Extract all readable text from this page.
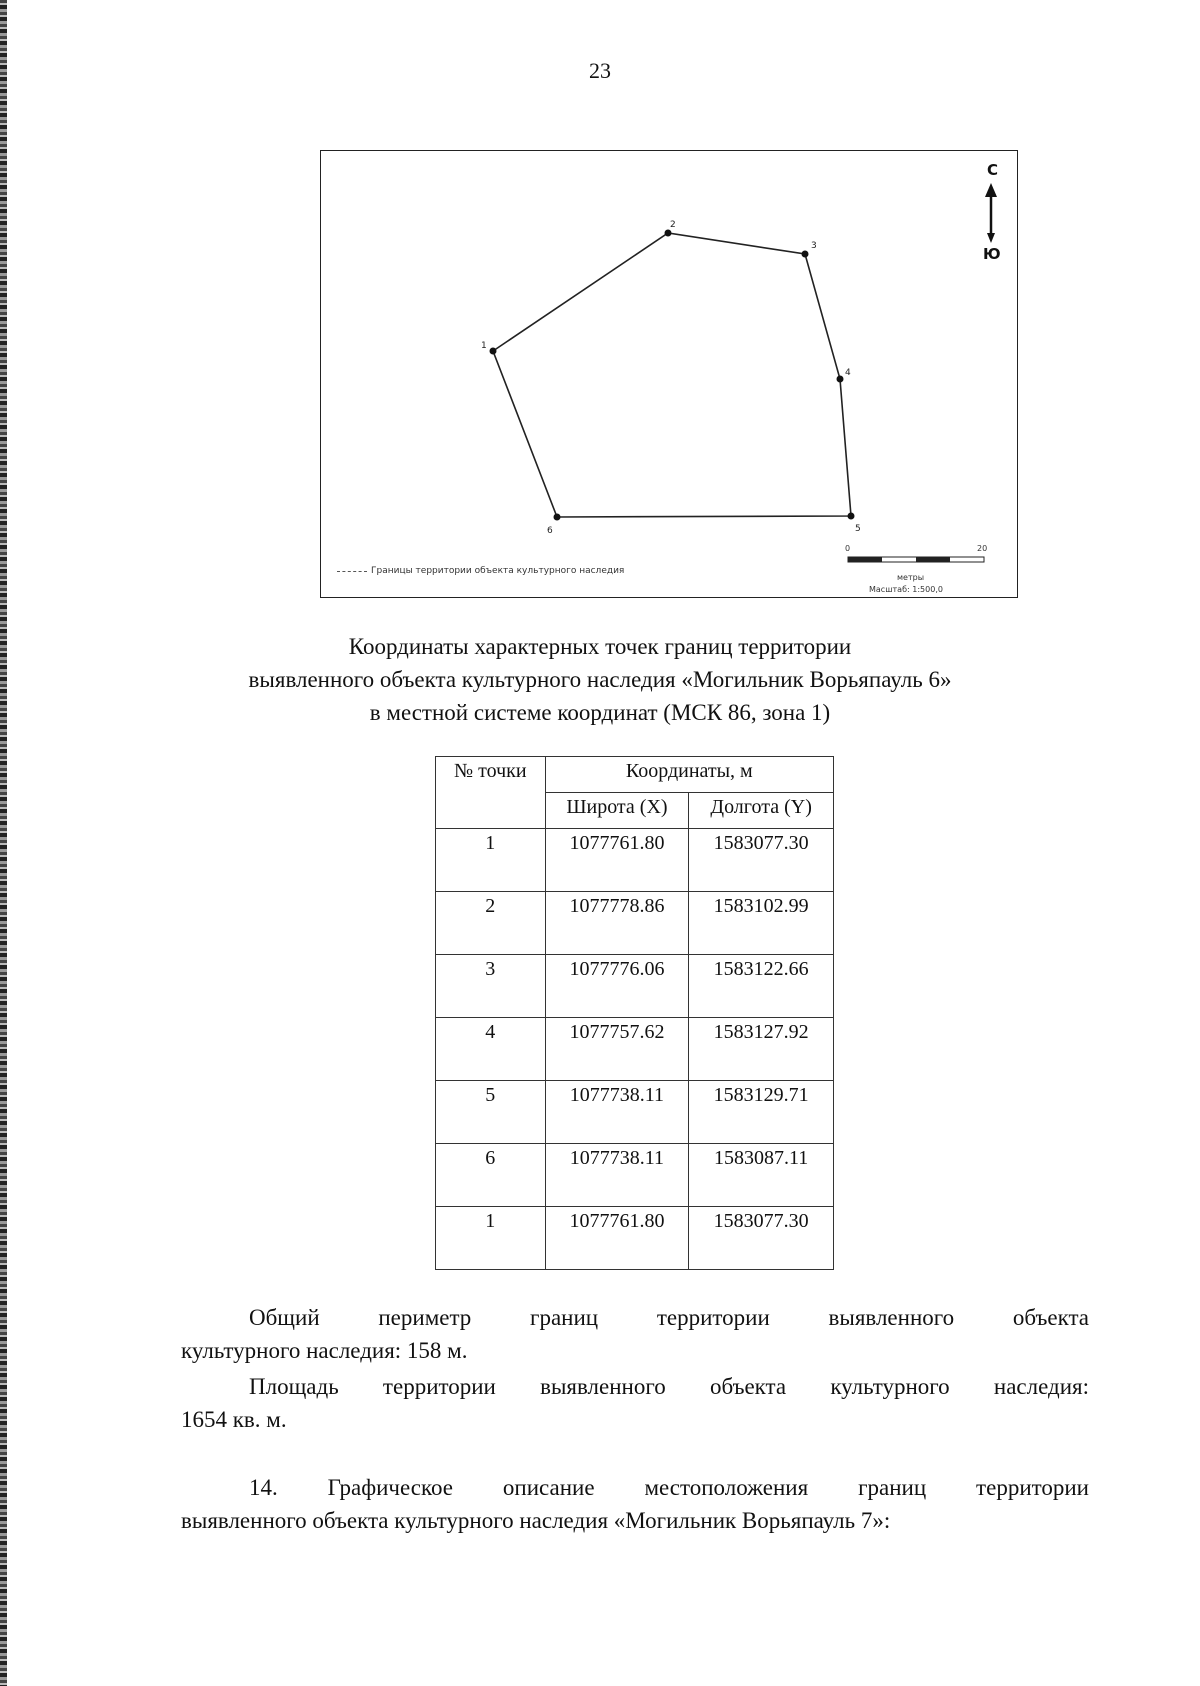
23
1
2
3
4
5
6
С
Ю
Границы территории объекта культурного наследия
0	20
метры
Масштаб: 1:500,0
Координаты характерных точек границ территории
выявленного объекта культурного наследия «Могильник Ворьяпауль 6»
в местной системе координат (МСК 86, зона 1)
№ точки	Координаты, м	
	Широта (X)	Долгота (Y)
1	1077761.80	1583077.30
2	1077778.86	1583102.99
3	1077776.06	1583122.66
4	1077757.62	1583127.92
5	1077738.11	1583129.71
6	1077738.11	1583087.11
1	1077761.80	1583077.30
Общий периметр границ территории выявленного объекта
культурного наследия: 158 м.
Площадь территории выявленного объекта культурного наследия:
1654 кв. м.
14. Графическое описание местоположения границ территории
выявленного объекта культурного наследия «Могильник Ворьяпауль 7»:
